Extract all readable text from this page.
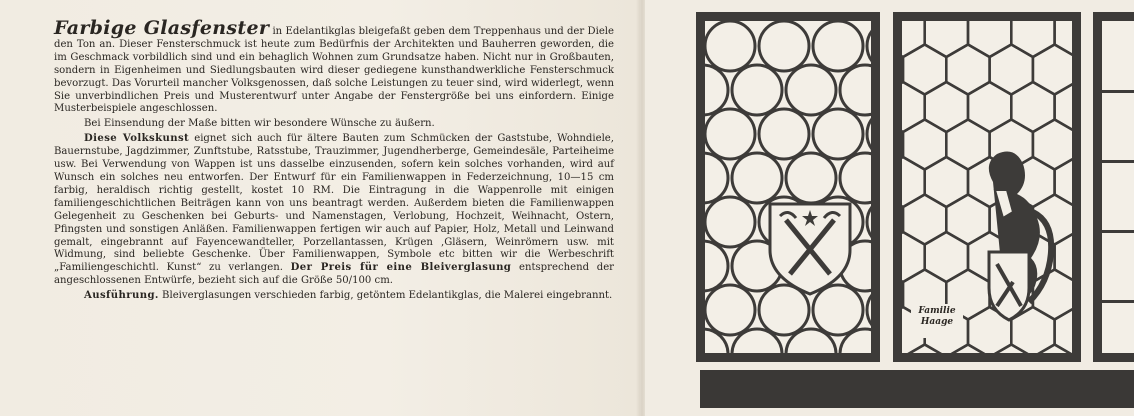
Farbige Glasfenster in Edelantikglas bleigefaßt geben dem Treppenhaus und der Diele den Ton an. Dieser Fensterschmuck ist heute zum Bedürfnis der Architekten und Bauherren geworden, die im Geschmack vorbildlich sind und ein behaglich Wohnen zum Grundsatze haben. Nicht nur in Großbauten, sondern in Eigenheimen und Siedlungsbauten wird dieser gediegene kunsthandwerkliche Fensterschmuck bevorzugt. Das Vorurteil mancher Volksgenossen, daß solche Leistungen zu teuer sind, wird widerlegt, wenn Sie unverbindlichen Preis und Musterentwurf unter Angabe der Fenstergröße bei uns einfordern. Einige Musterbeispiele angeschlossen.

Bei Einsendung der Maße bitten wir besondere Wünsche zu äußern.

Diese Volkskunst eignet sich auch für ältere Bauten zum Schmücken der Gaststube, Wohndiele, Bauernstube, Jagdzimmer, Zunftstube, Ratsstube, Trauzimmer, Jugendherberge, Gemeindesäle, Parteiheime usw. Bei Verwendung von Wappen ist uns dasselbe einzusenden, sofern kein solches vorhanden, wird auf Wunsch ein solches neu entworfen. Der Entwurf für ein Familienwappen in Federzeichnung, 10—15 cm farbig, heraldisch richtig gestellt, kostet 10 RM. Die Eintragung in die Wappenrolle mit einigen familiengeschichtlichen Beiträgen kann von uns beantragt werden. Außerdem bieten die Familienwappen Gelegenheit zu Geschenken bei Geburts- und Namenstagen, Verlobung, Hochzeit, Weihnacht, Ostern, Pfingsten und sonstigen Anläßen. Familienwappen fertigen wir auch auf Papier, Holz, Metall und Leinwand gemalt, eingebrannt auf Fayencewandteller, Porzellantassen, Krügen ,Gläsern, Weinrömern usw. mit Widmung, sind beliebte Geschenke. Über Familienwappen, Symbole etc bitten wir die Werbeschrift „Familiengeschichtl. Kunst“ zu verlangen. Der Preis für eine Bleiverglasung entsprechend der angeschlossenen Entwürfe, bezieht sich auf die Größe 50/100 cm.

Ausführung. Bleiverglasungen verschieden farbig, getöntem Edelantikglas, die Malerei eingebrannt.

Familie
Haage
